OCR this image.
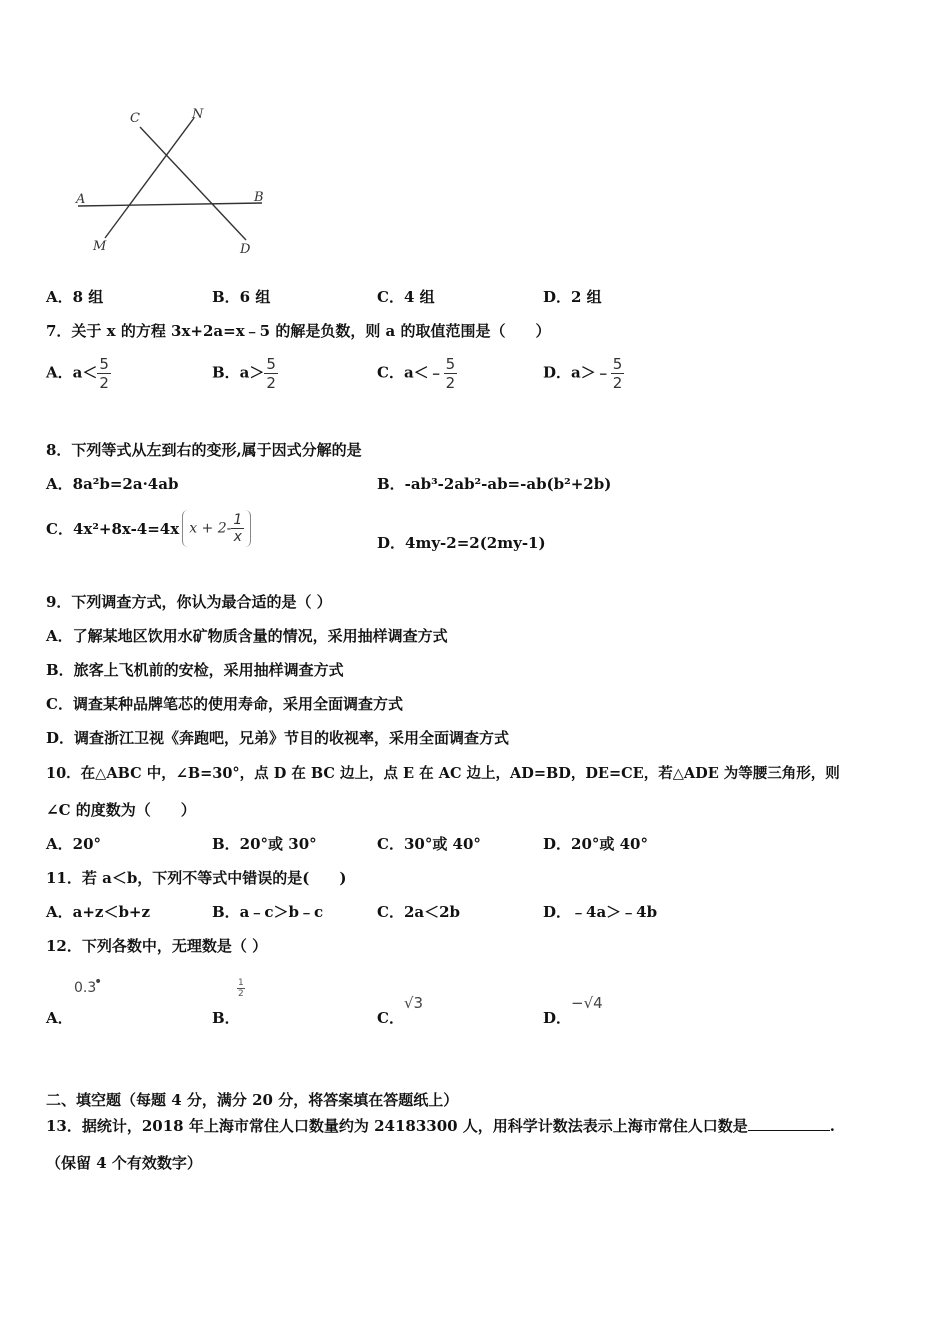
C	N
A	B
M	D
A．8 组	B．6 组	C．4 组	D．2 组
7．关于 x 的方程 3x+2a=x﹣5 的解是负数，则 a 的取值范围是（　　）
A．$a< \frac{5}{2}$	B．$a> \frac{5}{2}$	C．a＜﹣ $\frac{5}{2}$	D．a＞﹣ $\frac{5}{2}$
8．下列等式从左到右的变形,属于因式分解的是
A．8a²b=2a·4ab	B．-ab³-2ab²-ab=-ab(b²+2b)
C．4x²+8x-4=4x $x + 2- \frac{1}{x}$	D．4my-2=2(2my-1)
9．下列调查方式，你认为最合适的是（ ）
A．了解某地区饮用水矿物质含量的情况，采用抽样调查方式
B．旅客上飞机前的安检，采用抽样调查方式
C．调查某种品牌笔芯的使用寿命，采用全面调查方式
D．调查浙江卫视《奔跑吧，兄弟》节目的收视率，采用全面调查方式
10．在△ABC 中，∠B=30°，点 D 在 BC 边上，点 E 在 AC 边上，AD=BD，DE=CE，若△ADE 为等腰三角形，则
∠C 的度数为（　　）
A．20°	B．20°或 30°	C．30°或 40°	D．20°或 40°
11．若 a＜b，下列不等式中错误的是(　　)
A．a+z＜b+z	B．a﹣c＞b﹣c	C．2a＜2b	D．﹣4a＞﹣4b
12．下列各数中，无理数是（ ）
A．
0.3
•
B．
1
2
C．
√3
D．
−√4
二、填空题（每题 4 分，满分 20 分，将答案填在答题纸上）
13．据统计，2018 年上海市常住人口数量约为 24183300 人，用科学计数法表示上海市常住人口数是	.
（保留 4 个有效数字）
